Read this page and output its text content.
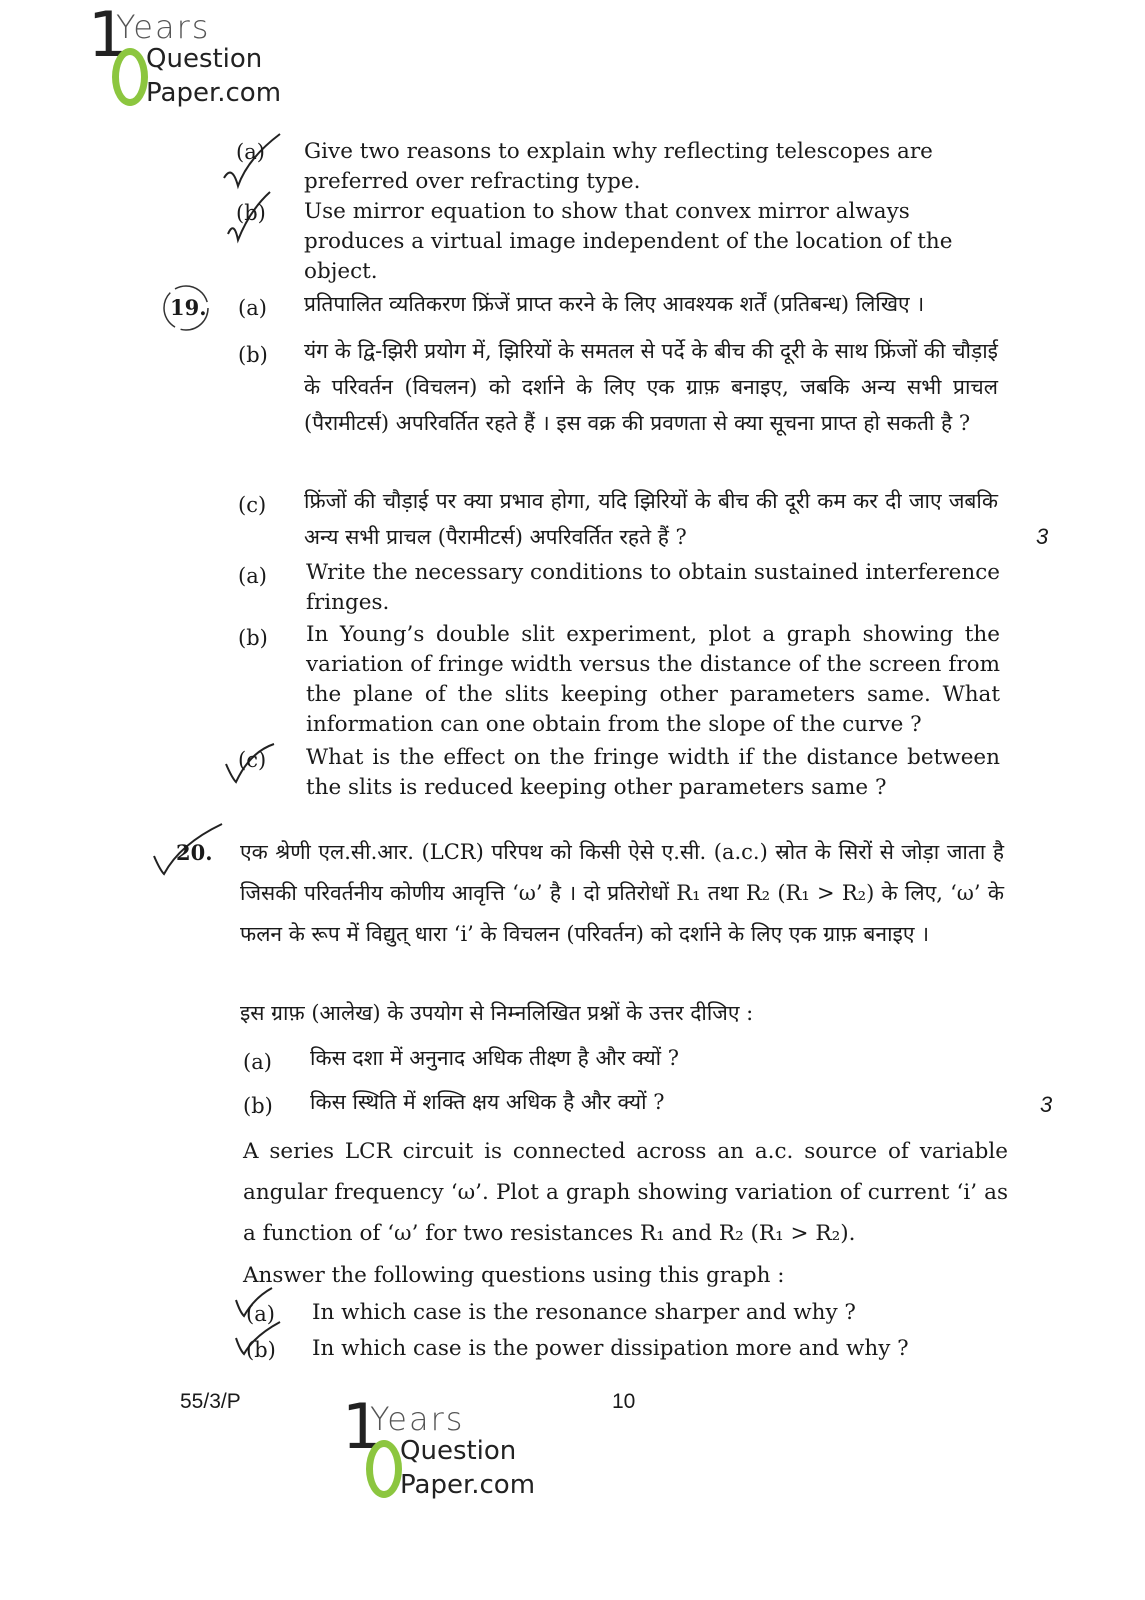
1
Years
Question
Paper.com
(a) Give two reasons to explain why reflecting telescopes are preferred over refracting type.
(b) Use mirror equation to show that convex mirror always produces a virtual image independent of the location of the object.
19. (a) प्रतिपालित व्यतिकरण फ्रिंजें प्राप्त करने के लिए आवश्यक शर्तें (प्रतिबन्ध) लिखिए ।
(b) यंग के द्वि-झिरी प्रयोग में, झिरियों के समतल से पर्दे के बीच की दूरी के साथ फ्रिंजों की चौड़ाई के परिवर्तन (विचलन) को दर्शाने के लिए एक ग्राफ़ बनाइए, जबकि अन्य सभी प्राचल (पैरामीटर्स) अपरिवर्तित रहते हैं । इस वक्र की प्रवणता से क्या सूचना प्राप्त हो सकती है ?
(c) फ्रिंजों की चौड़ाई पर क्या प्रभाव होगा, यदि झिरियों के बीच की दूरी कम कर दी जाए जबकि अन्य सभी प्राचल (पैरामीटर्स) अपरिवर्तित रहते हैं ?	3
(a) Write the necessary conditions to obtain sustained interference fringes.
(b) In Young’s double slit experiment, plot a graph showing the variation of fringe width versus the distance of the screen from the plane of the slits keeping other parameters same. What information can one obtain from the slope of the curve ?
(c) What is the effect on the fringe width if the distance between the slits is reduced keeping other parameters same ?
20. एक श्रेणी एल.सी.आर. (LCR) परिपथ को किसी ऐसे ए.सी. (a.c.) स्रोत के सिरों से जोड़ा जाता है जिसकी परिवर्तनीय कोणीय आवृत्ति ‘ω’ है । दो प्रतिरोधों R₁ तथा R₂ (R₁ > R₂) के लिए, ‘ω’ के फलन के रूप में विद्युत् धारा ‘i’ के विचलन (परिवर्तन) को दर्शाने के लिए एक ग्राफ़ बनाइए ।
इस ग्राफ़ (आलेख) के उपयोग से निम्नलिखित प्रश्नों के उत्तर दीजिए :
(a) किस दशा में अनुनाद अधिक तीक्ष्ण है और क्यों ?
(b) किस स्थिति में शक्ति क्षय अधिक है और क्यों ?	3
A series LCR circuit is connected across an a.c. source of variable angular frequency ‘ω’. Plot a graph showing variation of current ‘i’ as a function of ‘ω’ for two resistances R₁ and R₂ (R₁ > R₂).
Answer the following questions using this graph :
(a) In which case is the resonance sharper and why ?
(b) In which case is the power dissipation more and why ?
55/3/P	10
1
Years
Question
Paper.com
